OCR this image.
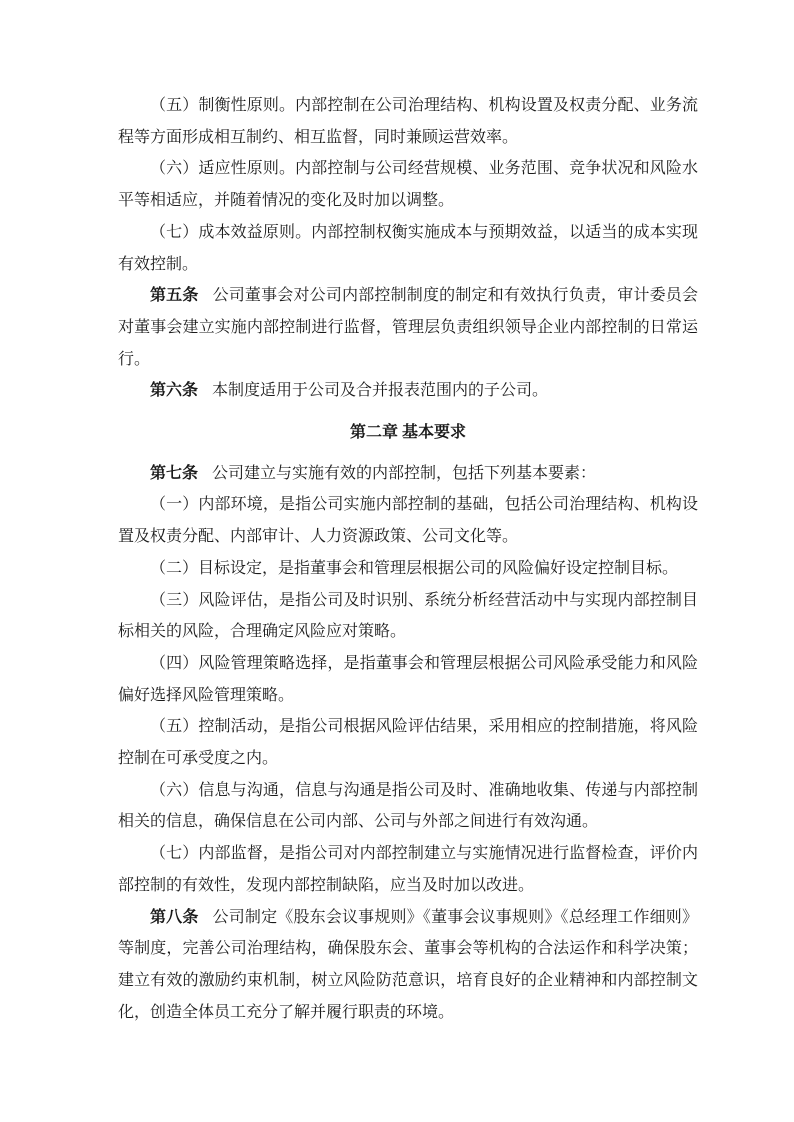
（五）制衡性原则。内部控制在公司治理结构、机构设置及权责分配、业务流程等方面形成相互制约、相互监督，同时兼顾运营效率。

（六）适应性原则。内部控制与公司经营规模、业务范围、竞争状况和风险水平等相适应，并随着情况的变化及时加以调整。

（七）成本效益原则。内部控制权衡实施成本与预期效益，以适当的成本实现有效控制。

第五条 公司董事会对公司内部控制制度的制定和有效执行负责，审计委员会对董事会建立实施内部控制进行监督，管理层负责组织领导企业内部控制的日常运行。

第六条 本制度适用于公司及合并报表范围内的子公司。

第二章 基本要求

第七条 公司建立与实施有效的内部控制，包括下列基本要素：

（一）内部环境，是指公司实施内部控制的基础，包括公司治理结构、机构设置及权责分配、内部审计、人力资源政策、公司文化等。

（二）目标设定，是指董事会和管理层根据公司的风险偏好设定控制目标。

（三）风险评估，是指公司及时识别、系统分析经营活动中与实现内部控制目标相关的风险，合理确定风险应对策略。

（四）风险管理策略选择，是指董事会和管理层根据公司风险承受能力和风险偏好选择风险管理策略。

（五）控制活动，是指公司根据风险评估结果，采用相应的控制措施，将风险控制在可承受度之内。

（六）信息与沟通，信息与沟通是指公司及时、准确地收集、传递与内部控制相关的信息，确保信息在公司内部、公司与外部之间进行有效沟通。

（七）内部监督，是指公司对内部控制建立与实施情况进行监督检查，评价内部控制的有效性，发现内部控制缺陷，应当及时加以改进。

第八条 公司制定《股东会议事规则》《董事会议事规则》《总经理工作细则》等制度，完善公司治理结构，确保股东会、董事会等机构的合法运作和科学决策；建立有效的激励约束机制，树立风险防范意识，培育良好的企业精神和内部控制文化，创造全体员工充分了解并履行职责的环境。
